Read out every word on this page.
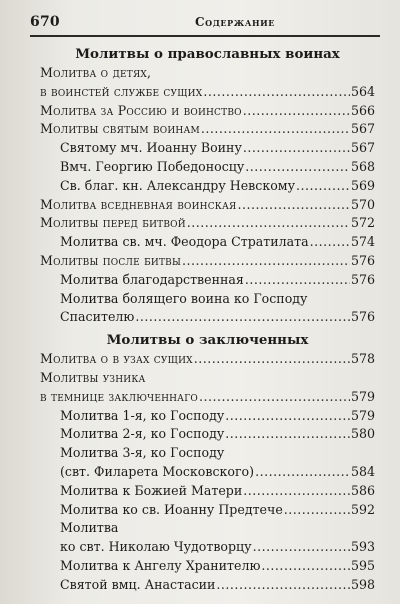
670	Содержание
Молитвы о православных воинах
Молитва о детях,
в воинстей службе сущих .....	564
Молитва за Россию и воинство .....	566
Молитвы святым воинам .....	567
Святому мч. Иоанну Воину .....	567
Вмч. Георгию Победоносцу .....	568
Св. благ. кн. Александру Невскому .....	569
Молитва вседневная воинская .....	570
Молитвы перед битвой .....	572
Молитва св. мч. Феодора Стратилата .....	574
Молитвы после битвы .....	576
Молитва благодарственная .....	576
Молитва болящего воина ко Господу
Спасителю .....	576
Молитвы о заключенных
Молитва о в узах сущих .....	578
Молитвы узника
в темнице заключеннаго .....	579
Молитва 1-я, ко Господу .....	579
Молитва 2-я, ко Господу .....	580
Молитва 3-я, ко Господу
(свт. Филарета Московского) .....	584
Молитва к Божией Матери .....	586
Молитва ко св. Иоанну Предтече .....	592
Молитва
ко свт. Николаю Чудотворцу .....	593
Молитва к Ангелу Хранителю .....	595
Святой вмц. Анастасии .....	598
